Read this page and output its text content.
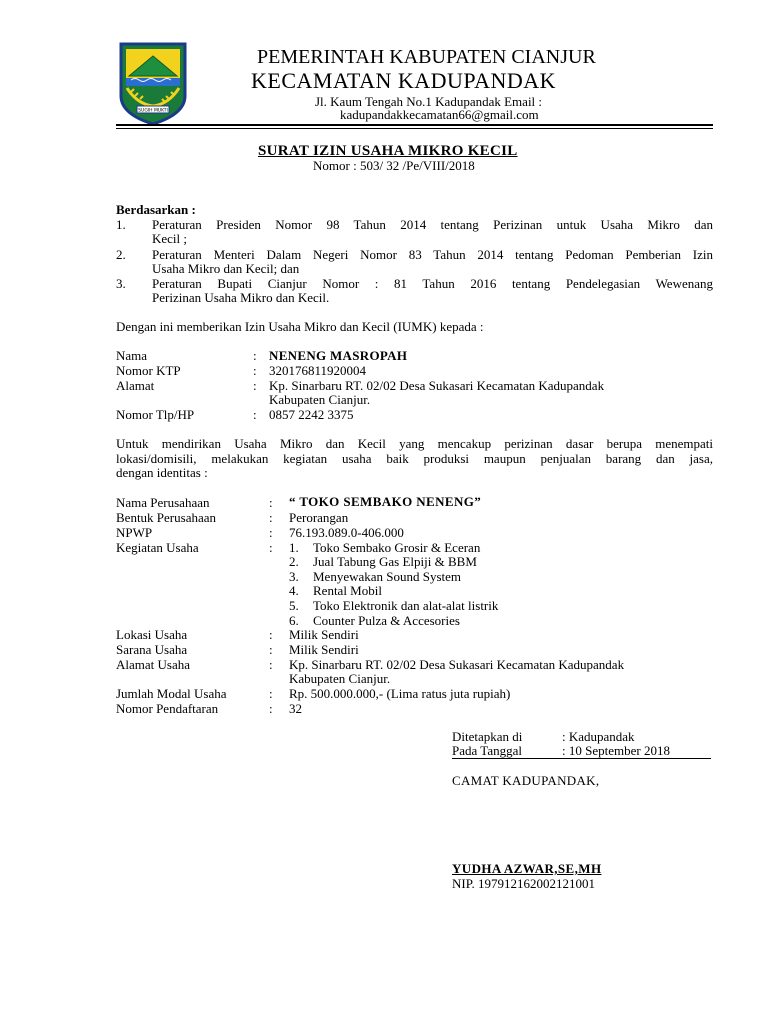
SUGIH MUKTI
PEMERINTAH KABUPATEN CIANJUR
KECAMATAN KADUPANDAK
Jl. Kaum Tengah No.1 Kadupandak Email :
kadupandakkecamatan66@gmail.com
SURAT IZIN USAHA MIKRO KECIL
Nomor : 503/ 32 /Pe/VIII/2018
Berdasarkan :
1. Peraturan Presiden Nomor 98 Tahun 2014 tentang Perizinan untuk Usaha Mikro dan
Kecil ;
2. Peraturan Menteri Dalam Negeri Nomor 83 Tahun 2014 tentang Pedoman Pemberian Izin
Usaha Mikro dan Kecil; dan
3. Peraturan Bupati Cianjur Nomor : 81 Tahun 2016 tentang Pendelegasian Wewenang
Perizinan Usaha Mikro dan Kecil.
Dengan ini memberikan Izin Usaha Mikro dan Kecil (IUMK) kepada :
Nama	: NENENG MASROPAH
Nomor KTP	: 320176811920004
Alamat	: Kp. Sinarbaru RT. 02/02 Desa Sukasari Kecamatan Kadupandak
Kabupaten Cianjur.
Nomor Tlp/HP	: 0857 2242 3375
Untuk mendirikan Usaha Mikro dan Kecil yang mencakup perizinan dasar berupa menempati
lokasi/domisili, melakukan kegiatan usaha baik produksi maupun penjualan barang dan jasa,
dengan identitas :
Nama Perusahaan	: “ TOKO SEMBAKO NENENG”
Bentuk Perusahaan	: Perorangan
NPWP	: 76.193.089.0-406.000
Kegiatan Usaha	: 1. Toko Sembako Grosir & Eceran
2. Jual Tabung Gas Elpiji & BBM
3. Menyewakan Sound System
4. Rental Mobil
5. Toko Elektronik dan alat-alat listrik
6. Counter Pulza & Accesories
Lokasi Usaha	: Milik Sendiri
Sarana Usaha	: Milik Sendiri
Alamat Usaha	: Kp. Sinarbaru RT. 02/02 Desa Sukasari Kecamatan Kadupandak
Kabupaten Cianjur.
Jumlah Modal Usaha	: Rp. 500.000.000,- (Lima ratus juta rupiah)
Nomor Pendaftaran	: 32
Ditetapkan di	: Kadupandak
Pada Tanggal	: 10 September 2018
CAMAT KADUPANDAK,
YUDHA AZWAR,SE,MH
NIP. 197912162002121001
